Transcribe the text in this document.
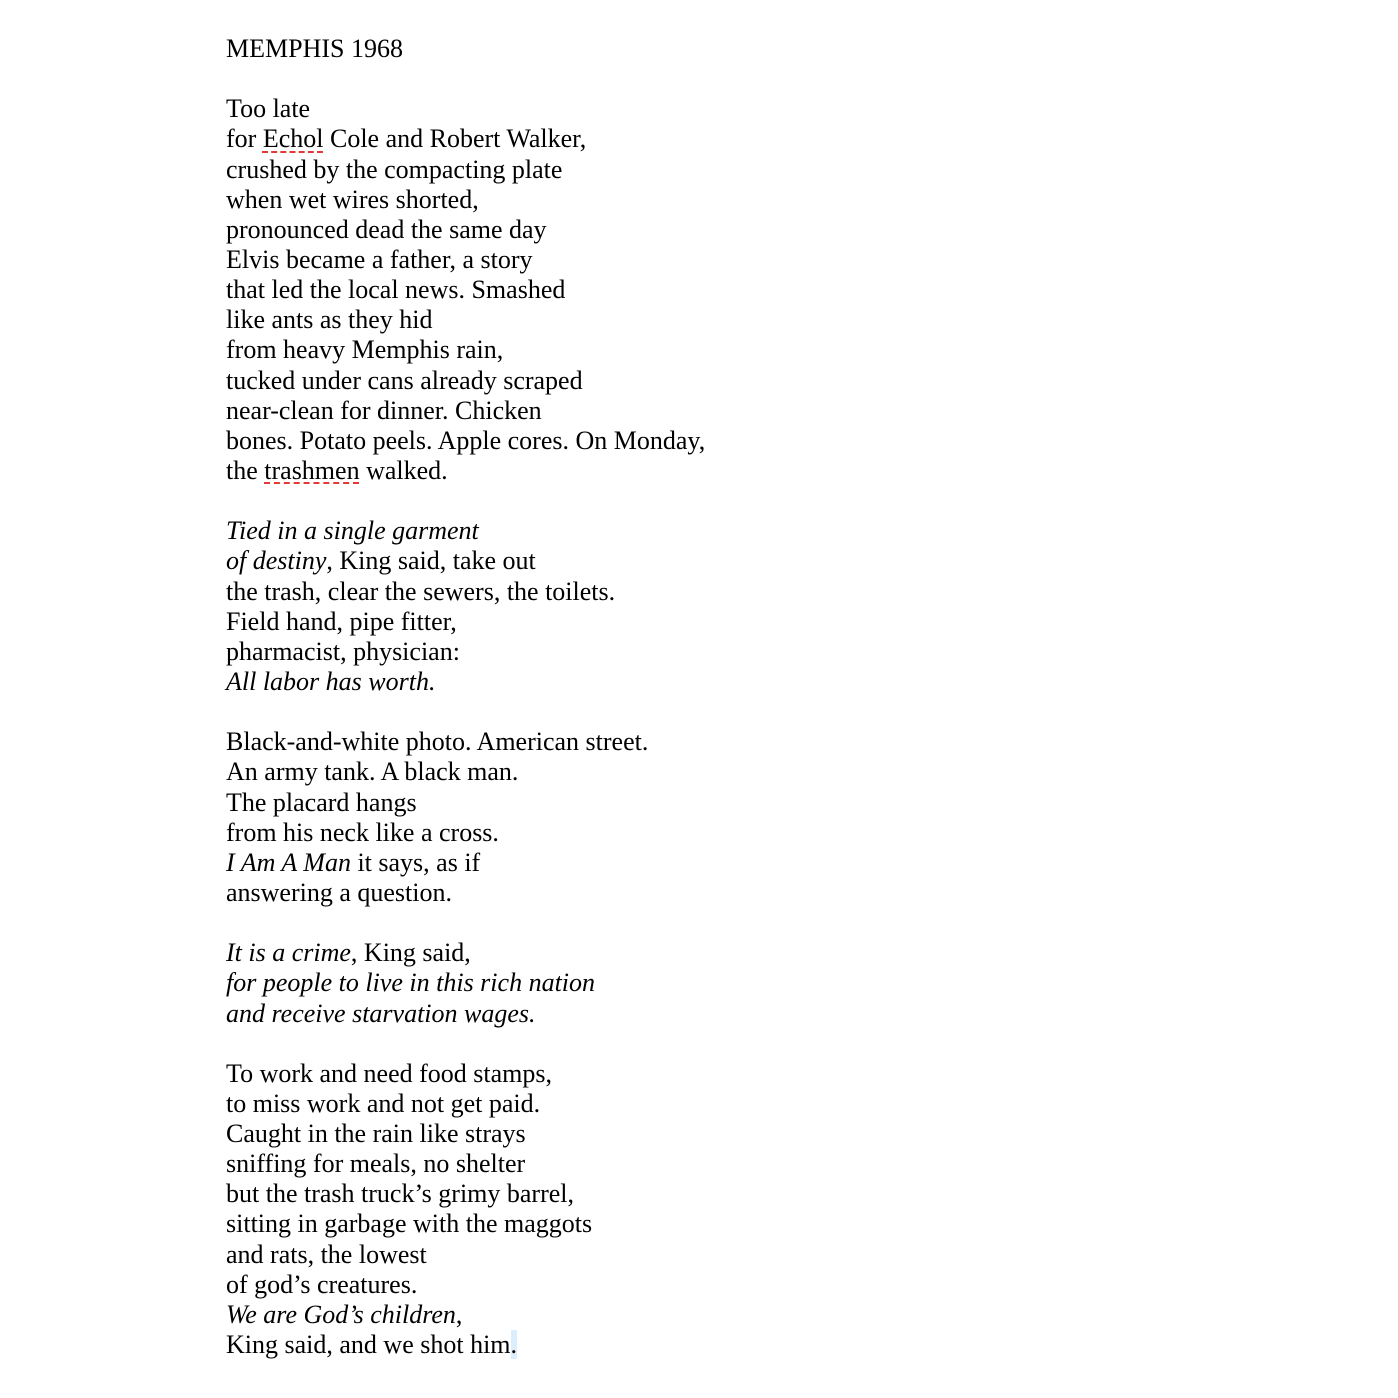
MEMPHIS 1968
Too late
for Echol Cole and Robert Walker,
crushed by the compacting plate
when wet wires shorted,
pronounced dead the same day
Elvis became a father, a story
that led the local news. Smashed
like ants as they hid
from heavy Memphis rain,
tucked under cans already scraped
near-clean for dinner. Chicken
bones. Potato peels. Apple cores. On Monday,
the trashmen walked.
Tied in a single garment
of destiny, King said, take out
the trash, clear the sewers, the toilets.
Field hand, pipe fitter,
pharmacist, physician:
All labor has worth.
Black-and-white photo. American street.
An army tank. A black man.
The placard hangs
from his neck like a cross.
I Am A Man it says, as if
answering a question.
It is a crime, King said,
for people to live in this rich nation
and receive starvation wages.
To work and need food stamps,
to miss work and not get paid.
Caught in the rain like strays
sniffing for meals, no shelter
but the trash truck’s grimy barrel,
sitting in garbage with the maggots
and rats, the lowest
of god’s creatures.
We are God’s children,
King said, and we shot him.
